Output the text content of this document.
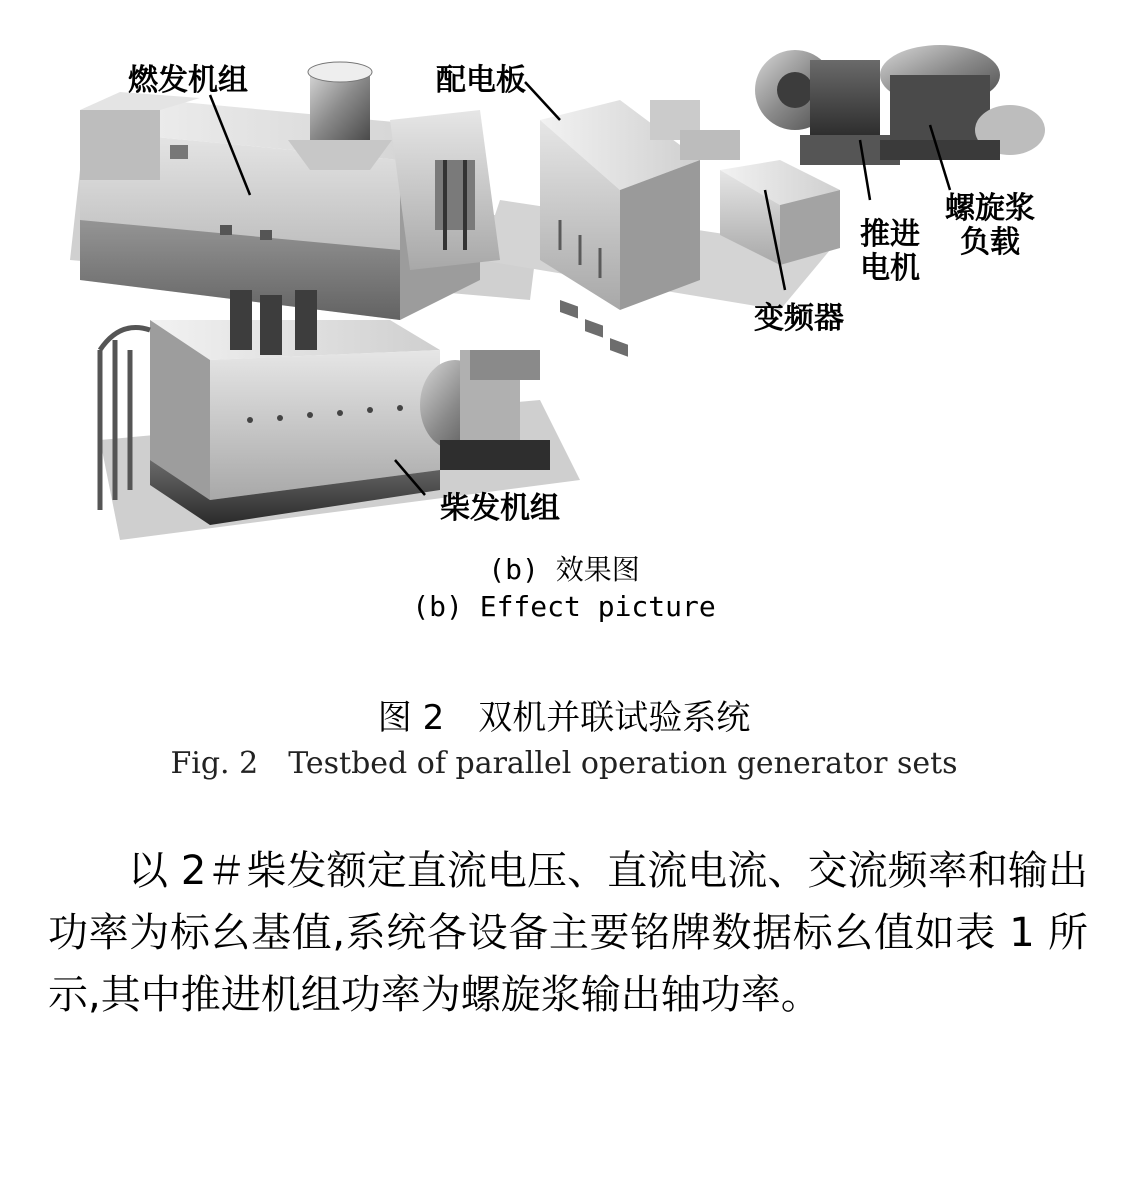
燃发机组	配电板
螺旋浆负载
推进电机
变频器
柴发机组
(b) 效果图
(b) Effect picture
图 2　双机并联试验系统
Fig. 2　Testbed of parallel operation generator sets

以 2＃柴发额定直流电压、直流电流、交流频率和输出功率为标幺基值,系统各设备主要铭牌数据标幺值如表 1 所示,其中推进机组功率为螺旋浆输出轴功率。
